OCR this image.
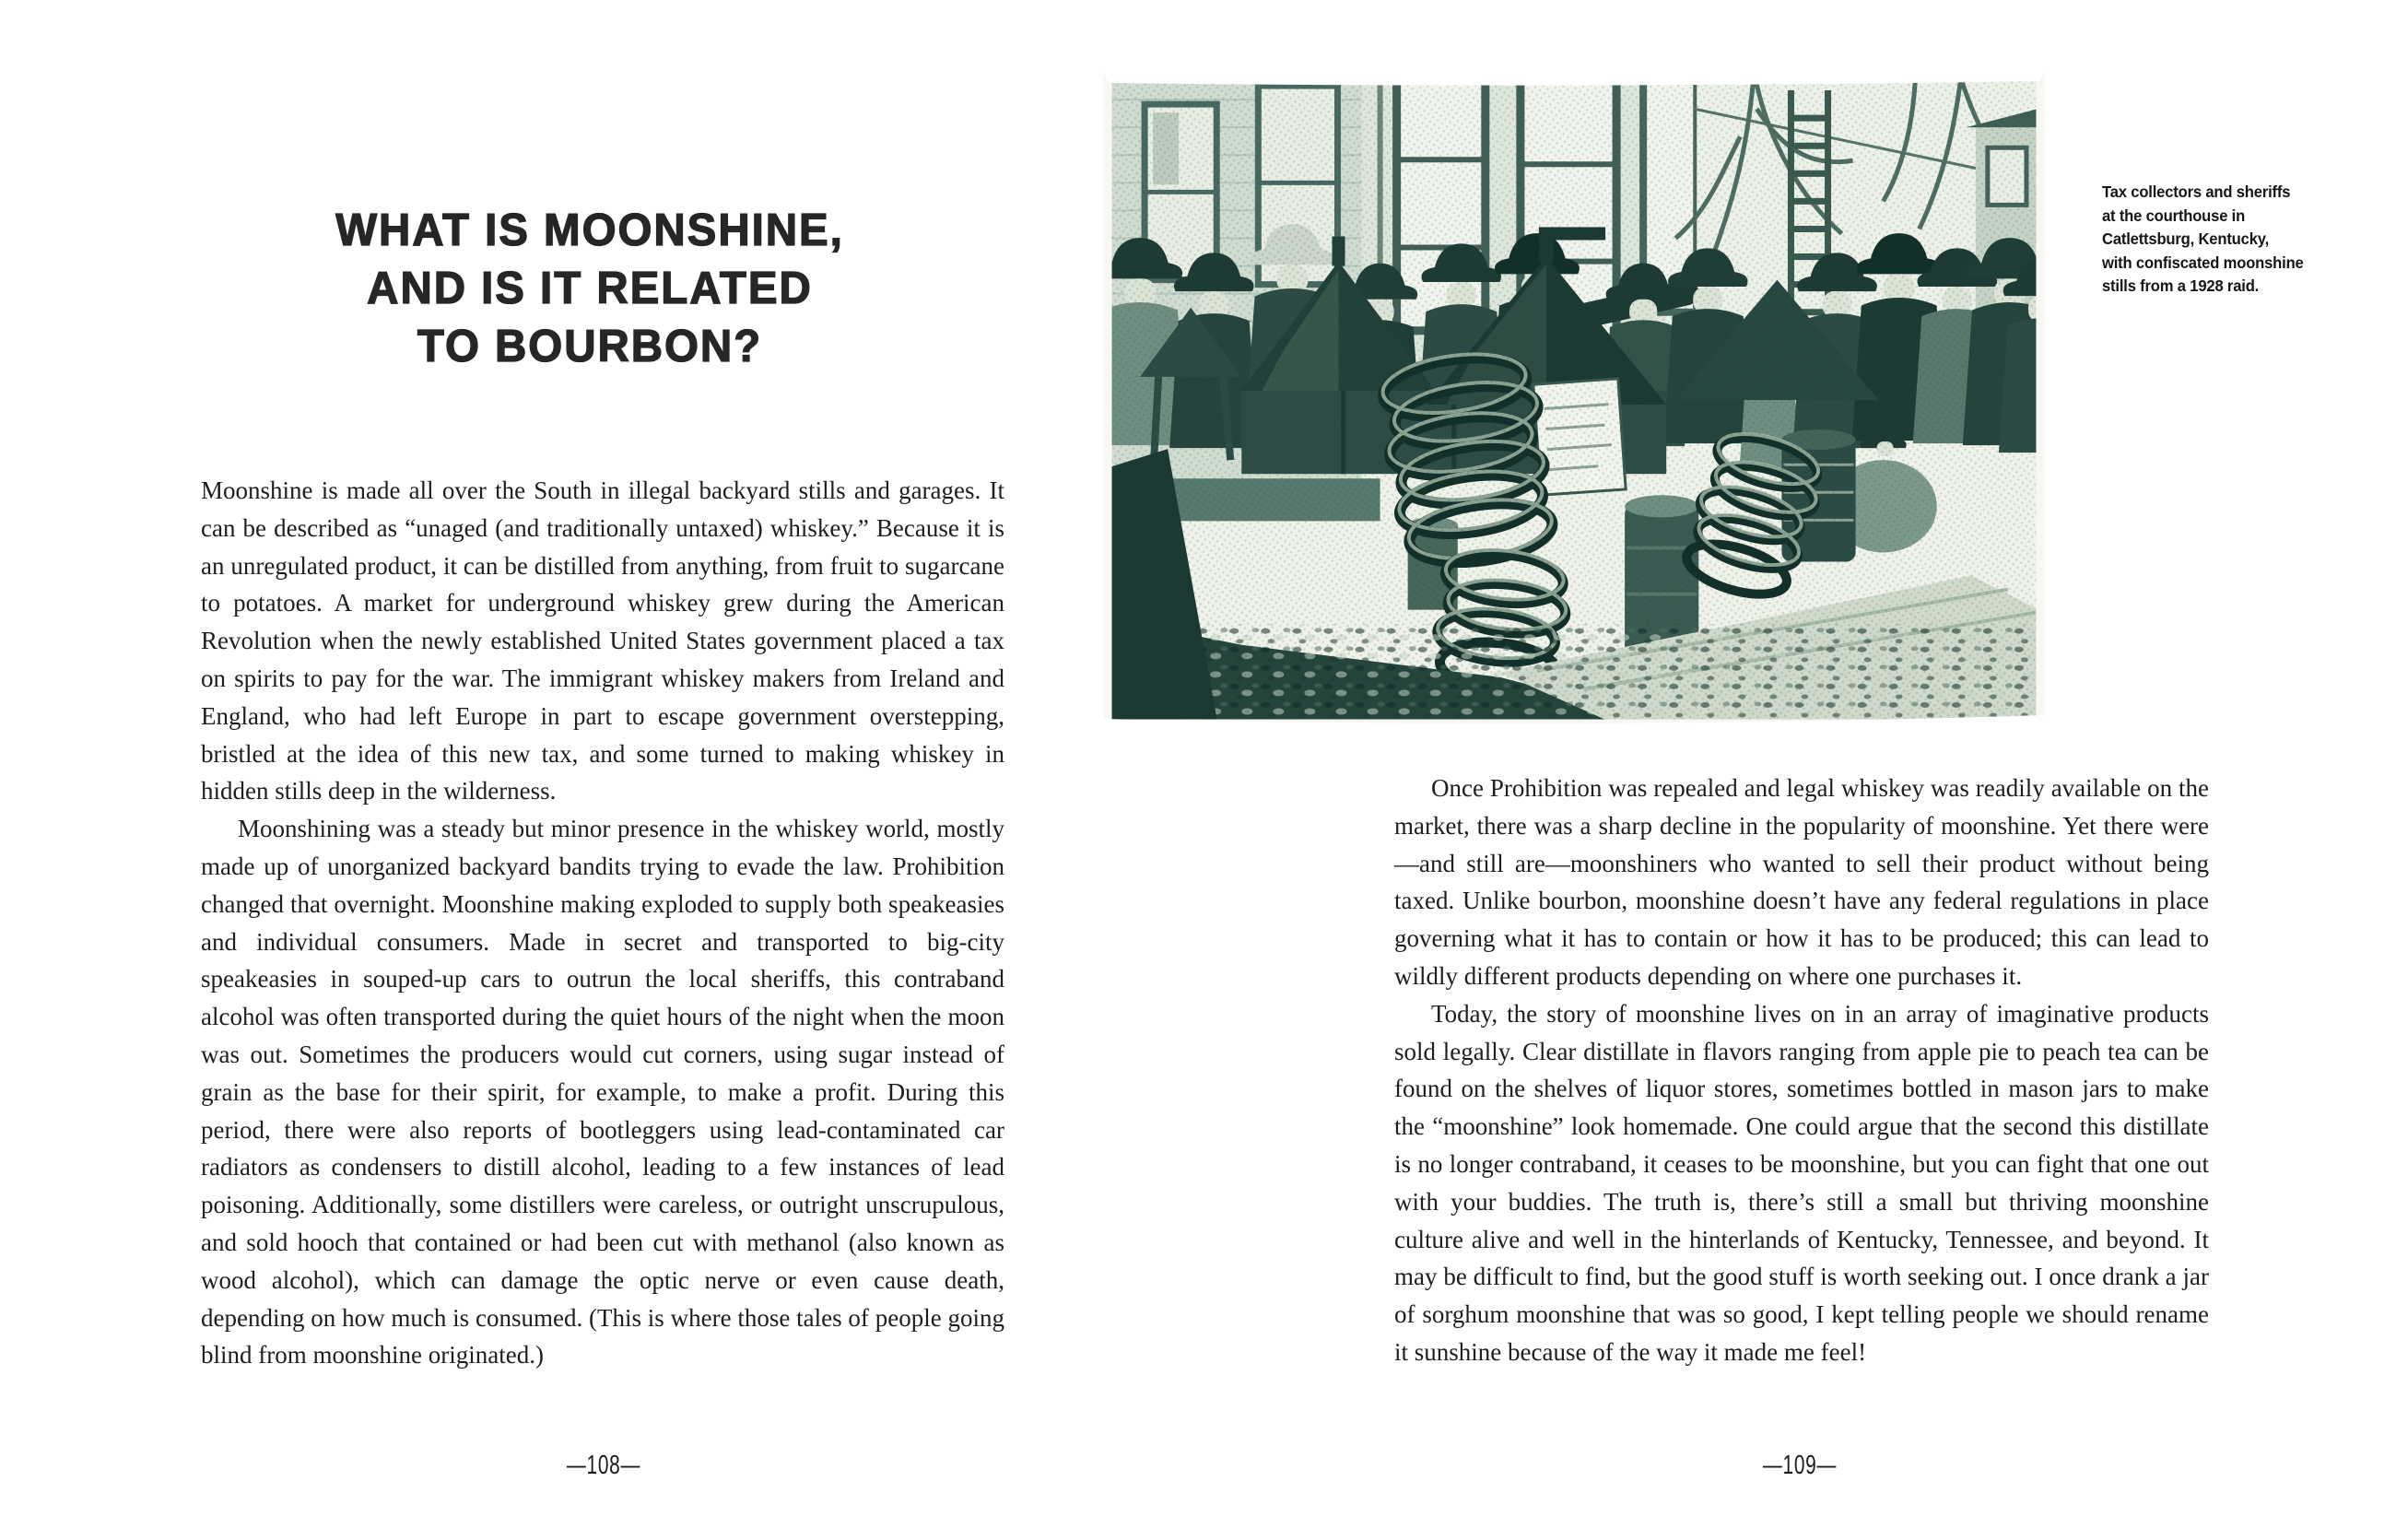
WHAT IS MOONSHINE,
AND IS IT RELATED
TO BOURBON?

Moonshine is made all over the South in illegal backyard stills and garages. It can be described as “unaged (and traditionally untaxed) whiskey.” Because it is an unregulated product, it can be distilled from anything, from fruit to sugarcane to potatoes. A market for underground whiskey grew during the American Revolution when the newly established United States government placed a tax on spirits to pay for the war. The immigrant whiskey makers from Ireland and England, who had left Europe in part to escape government overstepping, bristled at the idea of this new tax, and some turned to making whiskey in hidden stills deep in the wilderness.

Moonshining was a steady but minor presence in the whiskey world, mostly made up of unorganized backyard bandits trying to evade the law. Prohibition changed that overnight. Moonshine making exploded to supply both speakeasies and individual consumers. Made in secret and transported to big-city speakeasies in souped-up cars to outrun the local sheriffs, this contraband alcohol was often transported during the quiet hours of the night when the moon was out. Sometimes the producers would cut corners, using sugar instead of grain as the base for their spirit, for example, to make a profit. During this period, there were also reports of bootleggers using lead-contaminated car radiators as condensers to distill alcohol, leading to a few instances of lead poisoning. Additionally, some distillers were careless, or outright unscrupulous, and sold hooch that contained or had been cut with methanol (also known as wood alcohol), which can damage the optic nerve or even cause death, depending on how much is consumed. (This is where those tales of people going blind from moonshine originated.)

—108—
Tax collectors and sheriffs
at the courthouse in
Catlettsburg, Kentucky,
with confiscated moonshine
stills from a 1928 raid.

Once Prohibition was repealed and legal whiskey was readily available on the market, there was a sharp decline in the popularity of moonshine. Yet there were—and still are—moonshiners who wanted to sell their product without being taxed. Unlike bourbon, moonshine doesn’t have any federal regulations in place governing what it has to contain or how it has to be produced; this can lead to wildly different products depending on where one purchases it.

Today, the story of moonshine lives on in an array of imaginative products sold legally. Clear distillate in flavors ranging from apple pie to peach tea can be found on the shelves of liquor stores, sometimes bottled in mason jars to make the “moonshine” look homemade. One could argue that the second this distillate is no longer contraband, it ceases to be moonshine, but you can fight that one out with your buddies. The truth is, there’s still a small but thriving moonshine culture alive and well in the hinterlands of Kentucky, Tennessee, and beyond. It may be difficult to find, but the good stuff is worth seeking out. I once drank a jar of sorghum moonshine that was so good, I kept telling people we should rename it sunshine because of the way it made me feel!

—109—
